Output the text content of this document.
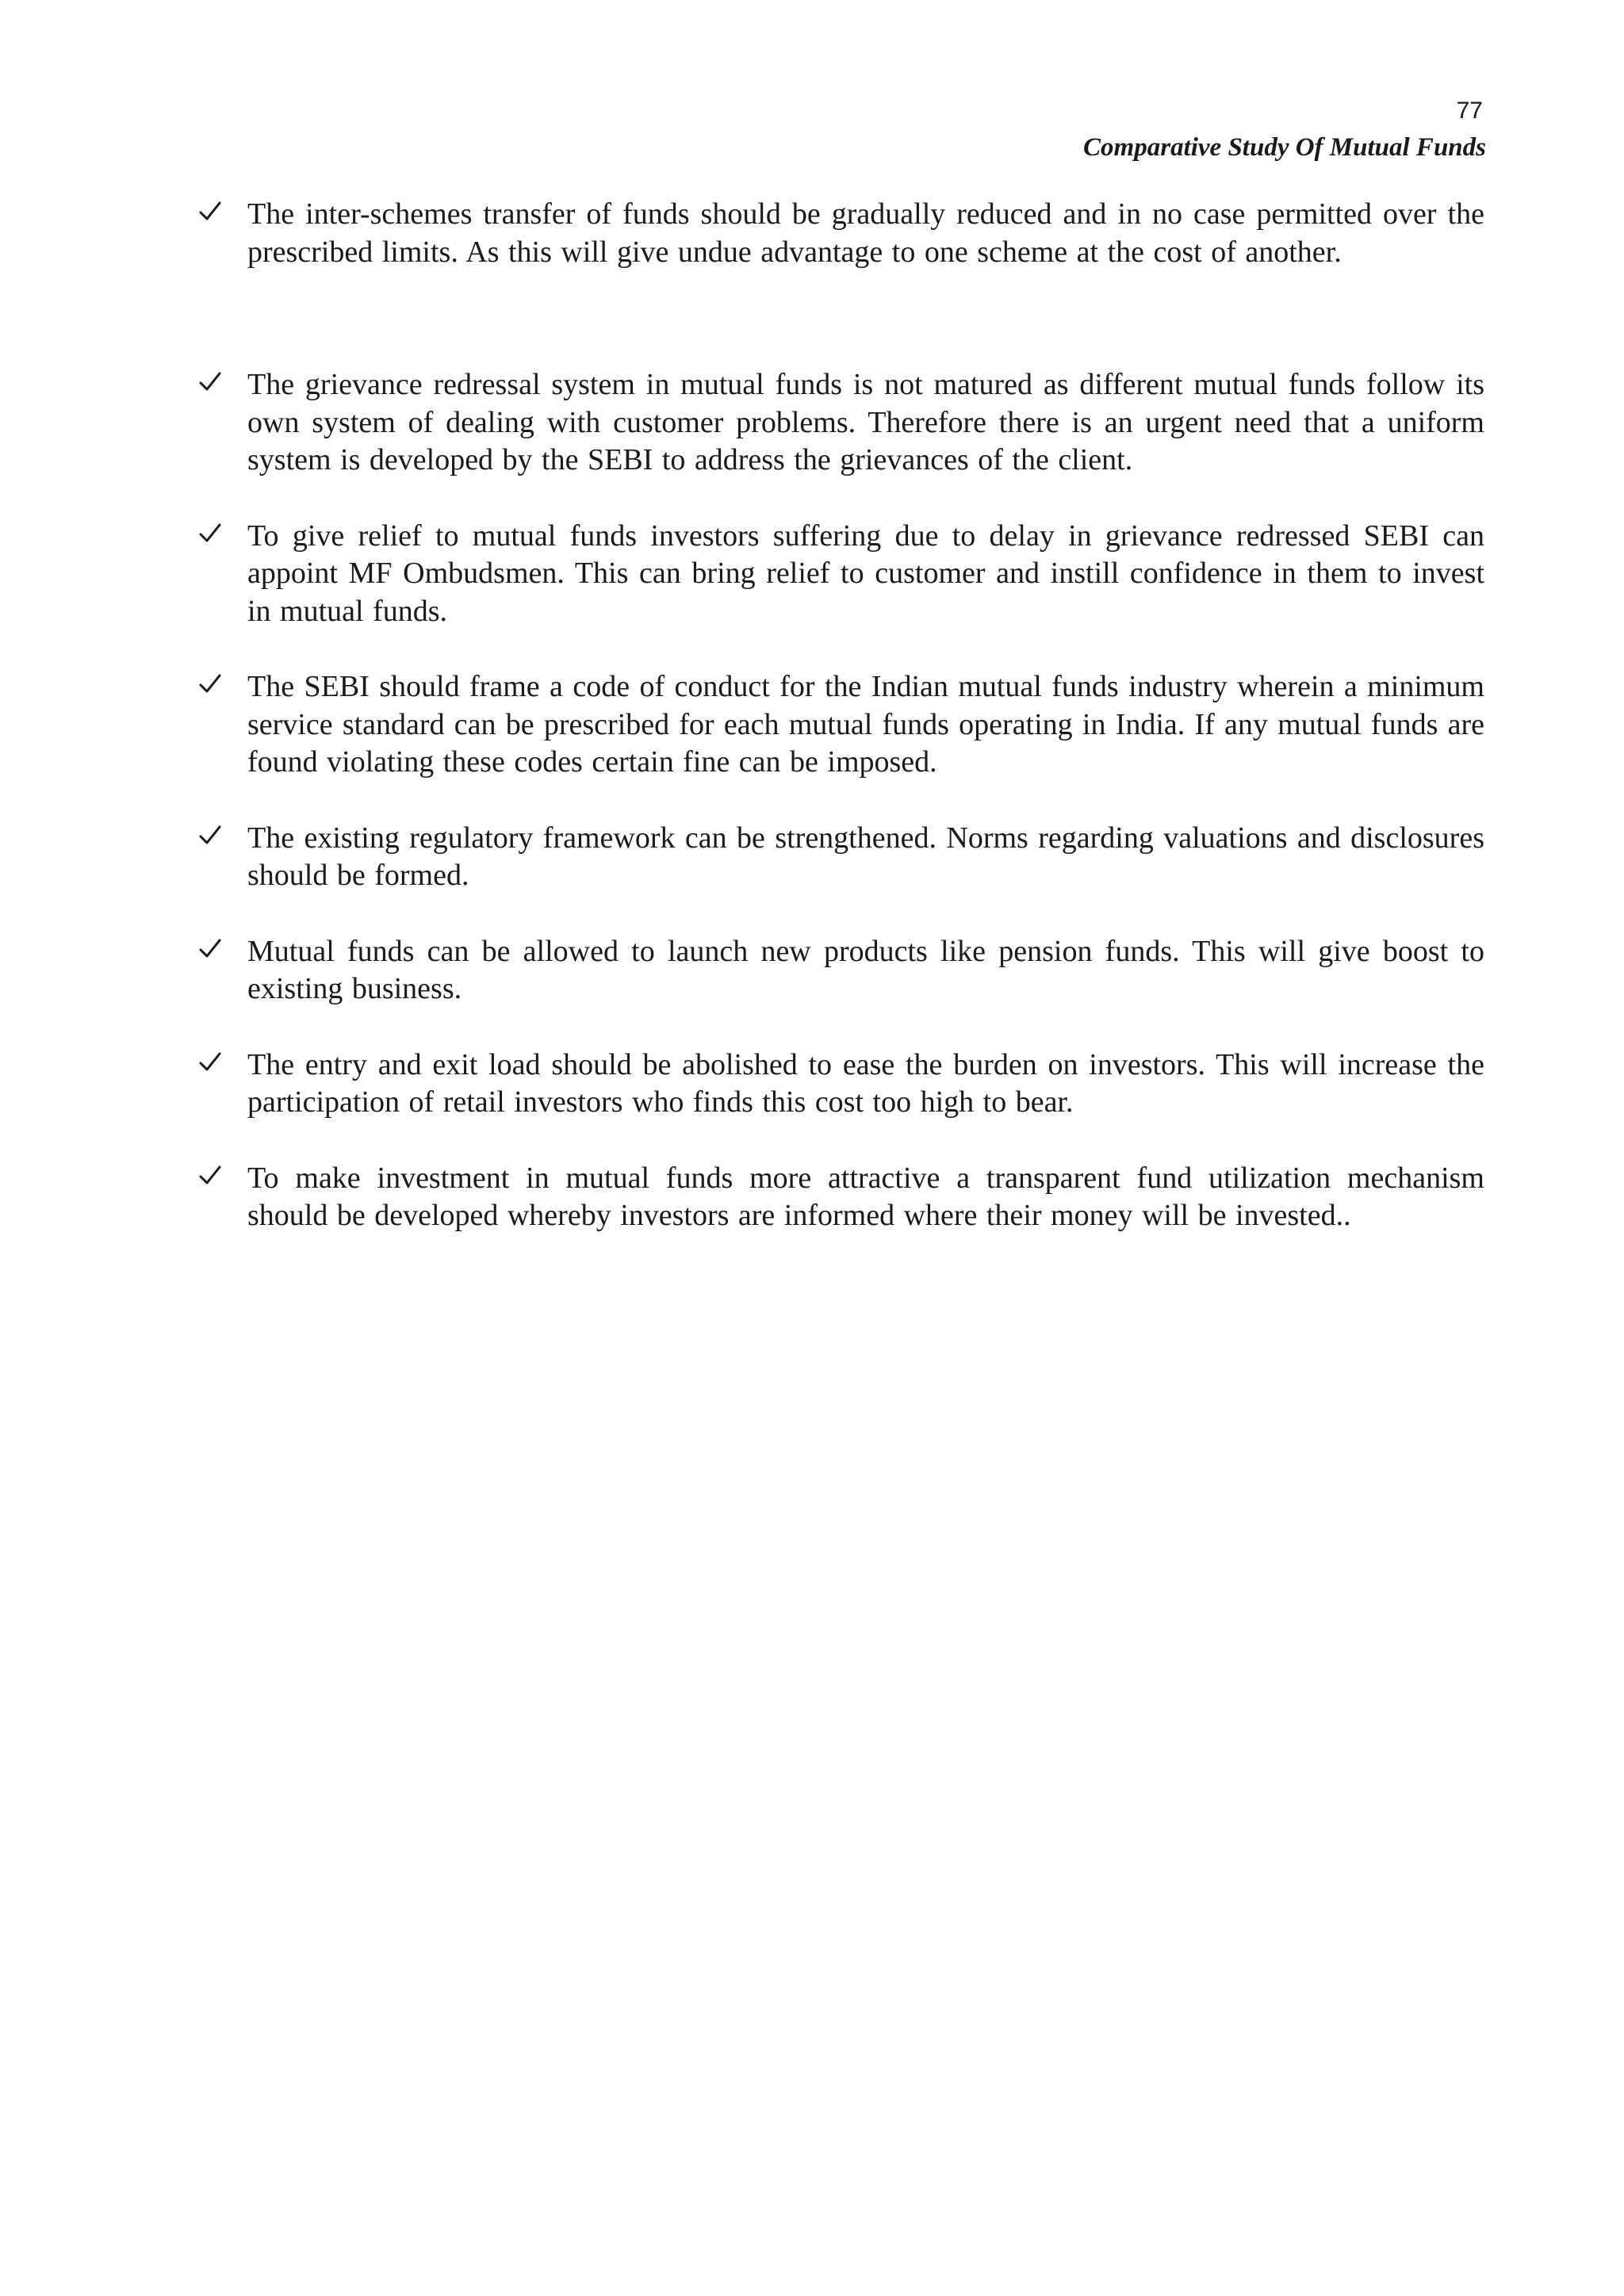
77
Comparative Study Of Mutual Funds
The inter-schemes transfer of funds should be gradually reduced and in no case permitted over the prescribed limits. As this will give undue advantage to one scheme at the cost of another.
The grievance redressal system in mutual funds is not matured as different mutual funds follow its own system of dealing with customer problems. Therefore there is an urgent need that a uniform system is developed by the SEBI to address the grievances of the client.
To give relief to mutual funds investors suffering due to delay in grievance redressed SEBI can appoint MF Ombudsmen. This can bring relief to customer and instill confidence in them to invest in mutual funds.
The SEBI should frame a code of conduct for the Indian mutual funds industry wherein a minimum service standard can be prescribed for each mutual funds operating in India. If any mutual funds are found violating these codes certain fine can be imposed.
The existing regulatory framework can be strengthened. Norms regarding valuations and disclosures should be formed.
Mutual funds can be allowed to launch new products like pension funds. This will give boost to existing business.
The entry and exit load should be abolished to ease the burden on investors. This will increase the participation of retail investors who finds this cost too high to bear.
To make investment in mutual funds more attractive a transparent fund utilization mechanism should be developed whereby investors are informed where their money will be invested..
